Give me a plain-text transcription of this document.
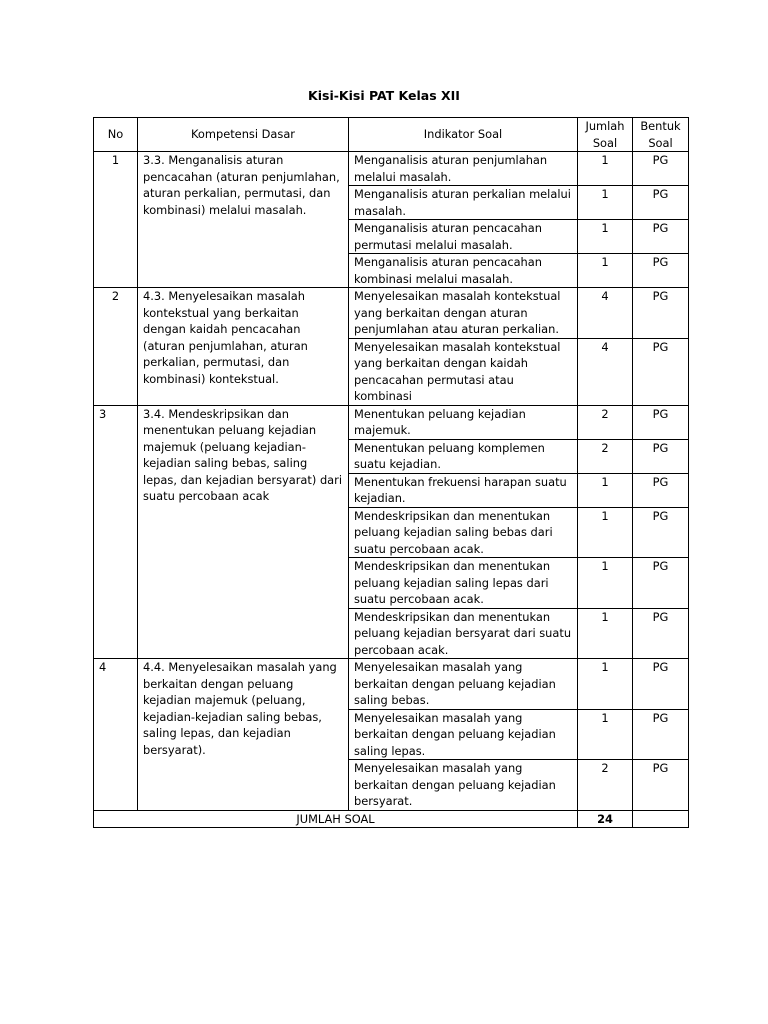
Kisi-Kisi PAT Kelas XII
No	Kompetensi Dasar	Indikator Soal	Jumlah Soal	Bentuk Soal
1	3.3. Menganalisis aturan pencacahan (aturan penjumlahan, aturan perkalian, permutasi, dan kombinasi) melalui masalah.	Menganalisis aturan penjumlahan melalui masalah.	1	PG
		Menganalisis aturan perkalian melalui masalah.	1	PG
		Menganalisis aturan pencacahan permutasi melalui masalah.	1	PG
		Menganalisis aturan pencacahan kombinasi melalui masalah.	1	PG
2	4.3. Menyelesaikan masalah kontekstual yang berkaitan dengan kaidah pencacahan (aturan penjumlahan, aturan perkalian, permutasi, dan kombinasi) kontekstual.	Menyelesaikan masalah kontekstual yang berkaitan dengan aturan penjumlahan atau aturan perkalian.	4	PG
		Menyelesaikan masalah kontekstual yang berkaitan dengan kaidah pencacahan permutasi atau kombinasi	4	PG
3	3.4. Mendeskripsikan dan menentukan peluang kejadian majemuk (peluang kejadian-kejadian saling bebas, saling lepas, dan kejadian bersyarat) dari suatu percobaan acak	Menentukan peluang kejadian majemuk.	2	PG
		Menentukan peluang komplemen suatu kejadian.	2	PG
		Menentukan frekuensi harapan suatu kejadian.	1	PG
		Mendeskripsikan dan menentukan peluang kejadian saling bebas dari suatu percobaan acak.	1	PG
		Mendeskripsikan dan menentukan peluang kejadian saling lepas dari suatu percobaan acak.	1	PG
		Mendeskripsikan dan menentukan peluang kejadian bersyarat dari suatu percobaan acak.	1	PG
4	4.4. Menyelesaikan masalah yang berkaitan dengan peluang kejadian majemuk (peluang, kejadian-kejadian saling bebas, saling lepas, dan kejadian bersyarat).	Menyelesaikan masalah yang berkaitan dengan peluang kejadian saling bebas.	1	PG
		Menyelesaikan masalah yang berkaitan dengan peluang kejadian saling lepas.	1	PG
		Menyelesaikan masalah yang berkaitan dengan peluang kejadian bersyarat.	2	PG
JUMLAH SOAL			24	
